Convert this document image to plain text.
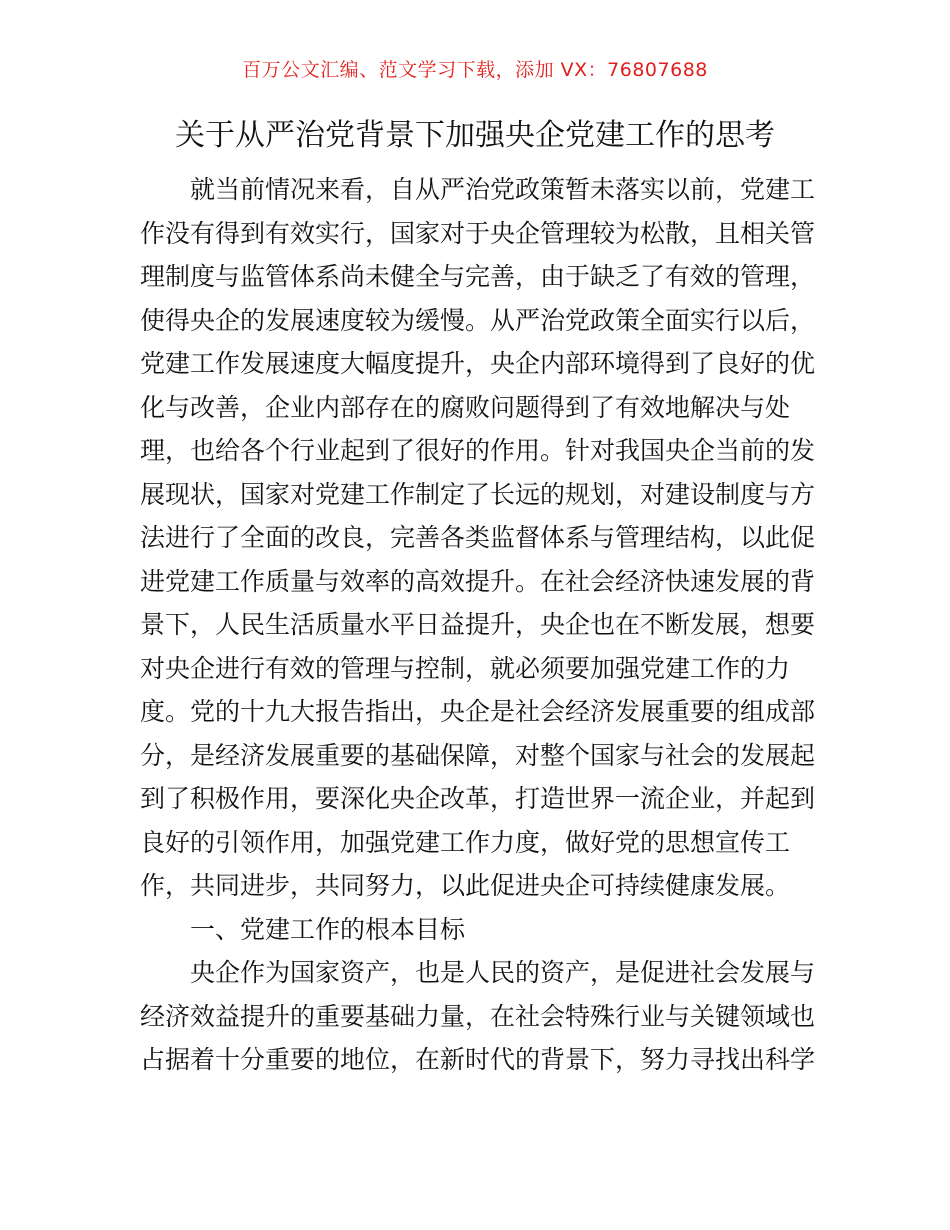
百万公文汇编、范文学习下载，添加 VX：76807688
关于从严治党背景下加强央企党建工作的思考
　　就当前情况来看，自从严治党政策暂未落实以前，党建工
作没有得到有效实行，国家对于央企管理较为松散，且相关管
理制度与监管体系尚未健全与完善，由于缺乏了有效的管理，
使得央企的发展速度较为缓慢。从严治党政策全面实行以后，
党建工作发展速度大幅度提升，央企内部环境得到了良好的优
化与改善，企业内部存在的腐败问题得到了有效地解决与处
理，也给各个行业起到了很好的作用。针对我国央企当前的发
展现状，国家对党建工作制定了长远的规划，对建设制度与方
法进行了全面的改良，完善各类监督体系与管理结构，以此促
进党建工作质量与效率的高效提升。在社会经济快速发展的背
景下，人民生活质量水平日益提升，央企也在不断发展，想要
对央企进行有效的管理与控制，就必须要加强党建工作的力
度。党的十九大报告指出，央企是社会经济发展重要的组成部
分，是经济发展重要的基础保障，对整个国家与社会的发展起
到了积极作用，要深化央企改革，打造世界一流企业，并起到
良好的引领作用，加强党建工作力度，做好党的思想宣传工
作，共同进步，共同努力，以此促进央企可持续健康发展。
　　一、党建工作的根本目标
　　央企作为国家资产，也是人民的资产，是促进社会发展与
经济效益提升的重要基础力量，在社会特殊行业与关键领域也
占据着十分重要的地位，在新时代的背景下，努力寻找出科学
